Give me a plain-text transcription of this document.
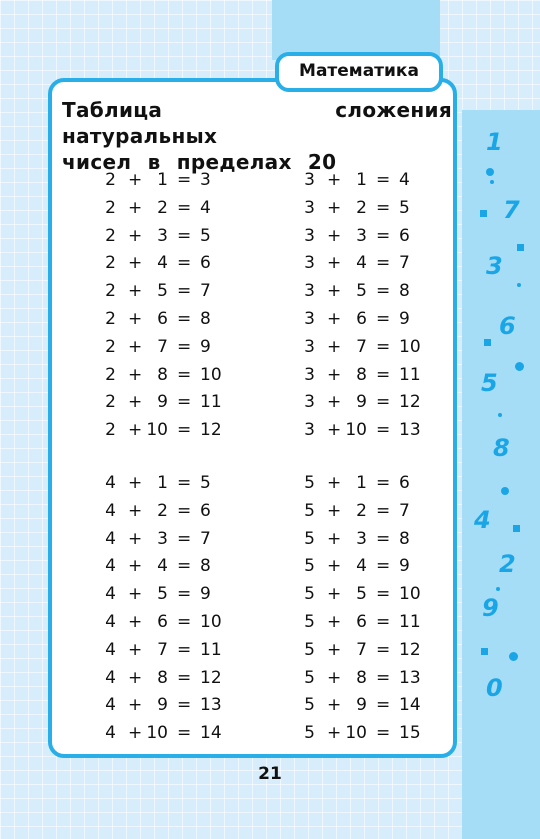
Математика
Таблица сложения натуральных
чисел в пределах 20
2 + 1 = 3
2 + 2 = 4
2 + 3 = 5
2 + 4 = 6
2 + 5 = 7
2 + 6 = 8
2 + 7 = 9
2 + 8 = 10
2 + 9 = 11
2 + 10 = 12
3 + 1 = 4
3 + 2 = 5
3 + 3 = 6
3 + 4 = 7
3 + 5 = 8
3 + 6 = 9
3 + 7 = 10
3 + 8 = 11
3 + 9 = 12
3 + 10 = 13
4 + 1 = 5
4 + 2 = 6
4 + 3 = 7
4 + 4 = 8
4 + 5 = 9
4 + 6 = 10
4 + 7 = 11
4 + 8 = 12
4 + 9 = 13
4 + 10 = 14
5 + 1 = 6
5 + 2 = 7
5 + 3 = 8
5 + 4 = 9
5 + 5 = 10
5 + 6 = 11
5 + 7 = 12
5 + 8 = 13
5 + 9 = 14
5 + 10 = 15
21
1
7
3
6
5
8
4
2
9
0
